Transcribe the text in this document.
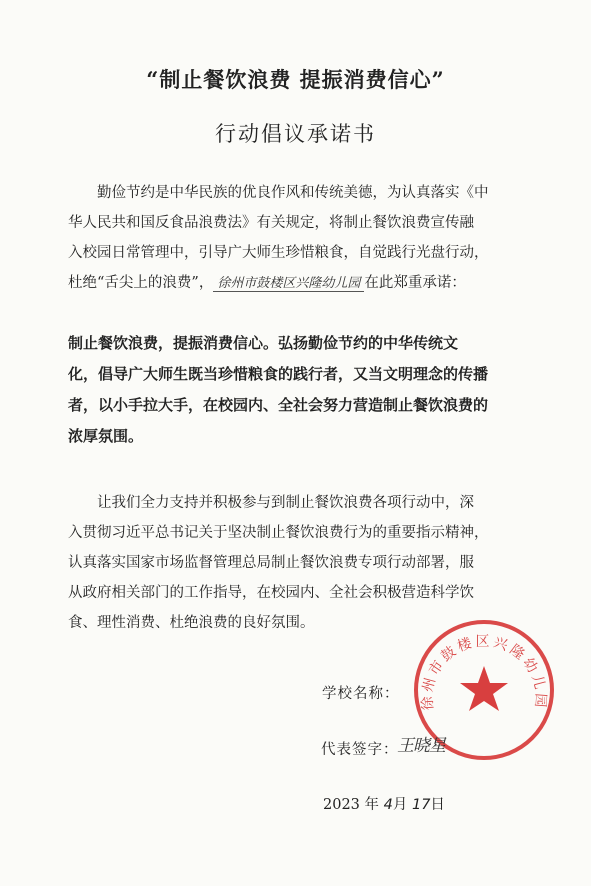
“制止餐饮浪费 提振消费信心”
行动倡议承诺书
勤俭节约是中华民族的优良作风和传统美德，为认真落实《中
华人民共和国反食品浪费法》有关规定，将制止餐饮浪费宣传融
入校园日常管理中，引导广大师生珍惜粮食，自觉践行光盘行动，
杜绝“舌尖上的浪费”， 徐州市鼓楼区兴隆幼儿园 在此郑重承诺：
制止餐饮浪费，提振消费信心。弘扬勤俭节约的中华传统文
化，倡导广大师生既当珍惜粮食的践行者，又当文明理念的传播
者，以小手拉大手，在校园内、全社会努力营造制止餐饮浪费的
浓厚氛围。
让我们全力支持并积极参与到制止餐饮浪费各项行动中，深
入贯彻习近平总书记关于坚决制止餐饮浪费行为的重要指示精神，
认真落实国家市场监督管理总局制止餐饮浪费专项行动部署，服
从政府相关部门的工作指导，在校园内、全社会积极营造科学饮
食、理性消费、杜绝浪费的良好氛围。
徐州市鼓楼区兴隆幼儿园
学校名称：
代表签字：
王晓星
2023 年 4月 17日
